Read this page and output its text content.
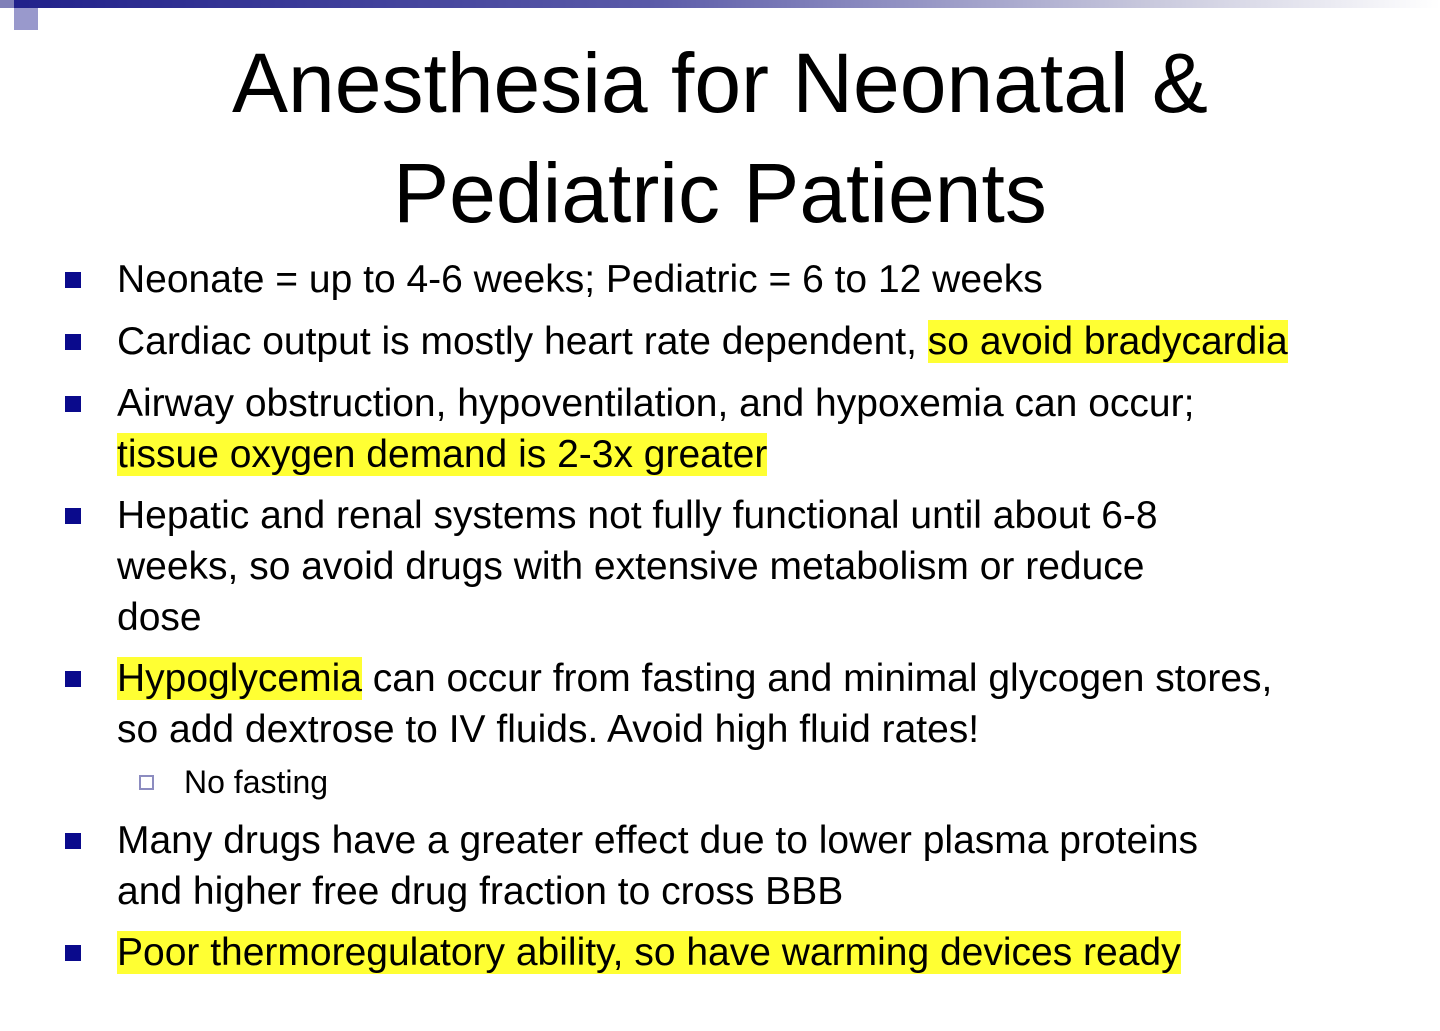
Anesthesia for Neonatal &
Pediatric Patients
Neonate = up to 4-6 weeks; Pediatric = 6 to 12 weeks
Cardiac output is mostly heart rate dependent, so avoid bradycardia
Airway obstruction, hypoventilation, and hypoxemia can occur;
tissue oxygen demand is 2-3x greater
Hepatic and renal systems not fully functional until about 6-8
weeks, so avoid drugs with extensive metabolism or reduce
dose
Hypoglycemia can occur from fasting and minimal glycogen stores,
so add dextrose to IV fluids. Avoid high fluid rates!
No fasting
Many drugs have a greater effect due to lower plasma proteins
and higher free drug fraction to cross BBB
Poor thermoregulatory ability, so have warming devices ready
